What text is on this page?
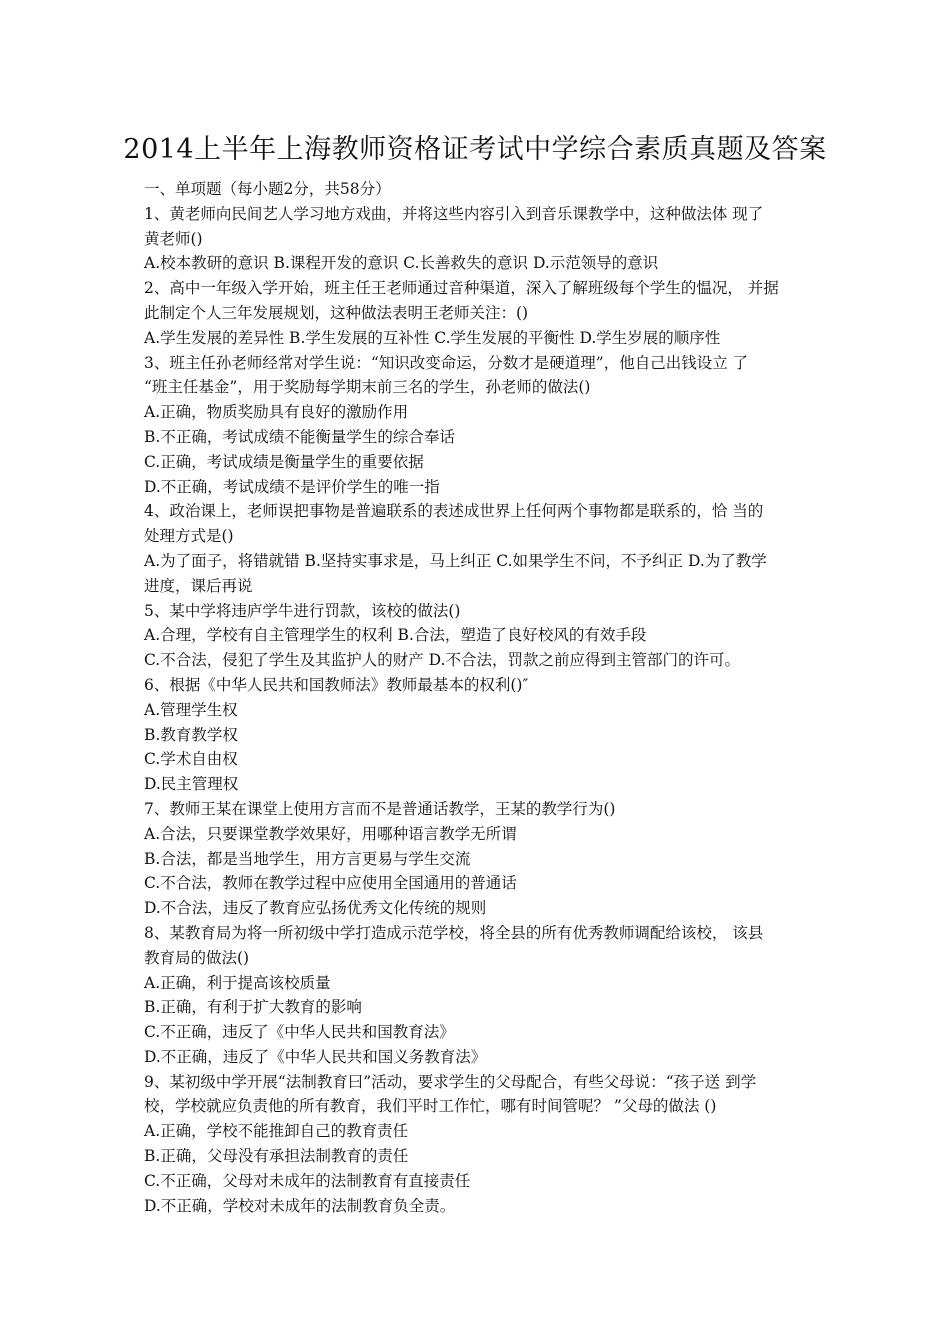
2014上半年上海教师资格证考试中学综合素质真题及答案
一、单项题（每小题2分，共58分）
1、黄老师向民间艺人学习地方戏曲，并将这些内容引入到音乐课教学中，这种做法体 现了
黄老师()
A.校本教研的意识 B.课程开发的意识 C.长善救失的意识 D.示范领导的意识
2、高中一年级入学开始，班主任王老师通过音种渠道，深入了解班级每个学生的愠况， 并据
此制定个人三年发展规划，这种做法表明王老师关注：()
A.学生发展的差异性 B.学生发展的互补性 C.学生发展的平衡性 D.学生岁展的顺序性
3、班主任孙老师经常对学生说：“知识改变命运，分数才是硬道理”，他自己出钱设立 了
“班主任基金”，用于奖励每学期末前三名的学生，孙老师的做法()
A.正确，物质奖励具有良好的激励作用
B.不正确，考试成绩不能衡量学生的综合奉话
C.正确，考试成绩是衡量学生的重要依据
D.不正确，考试成绩不是评价学生的唯一指
4、政治课上，老师误把事物是普遍联系的表述成世界上任何两个事物都是联系的，恰 当的
处理方式是()
A.为了面子，将错就错 B.坚持实事求是，马上纠正 C.如果学生不问，不予纠正 D.为了教学
进度，课后再说
5、某中学将违庐学牛进行罚款，该校的做法()
A.合理，学校有自主管理学生的权利 B.合法，塑造了良好校风的有效手段
C.不合法，侵犯了学生及其监护人的财产 D.不合法，罚款之前应得到主管部门的许可。
6、根据《中华人民共和国教师法》教师最基本的权利()″
A.管理学生权
B.教育教学权
C.学术自由权
D.民主管理权
7、教师王某在课堂上使用方言而不是普通话教学，王某的教学行为()
A.合法，只要课堂教学效果好，用哪种语言教学无所谓
B.合法，都是当地学生，用方言更易与学生交流
C.不合法，教师在教学过程中应使用全国通用的普通话
D.不合法，违反了教育应弘扬优秀文化传统的规则
8、某教育局为将一所初级中学打造成示范学校，将全县的所有优秀教师调配给该校， 该县
教育局的做法()
A.正确，利于提高该校质量
B.正确，有利于扩大教育的影响
C.不正确，违反了《中华人民共和国教育法》
D.不正确，违反了《中华人民共和国义务教育法》
9、某初级中学开展“法制教育曰”活动，要求学生的父母配合，有些父母说：“孩子送 到学
校，学校就应负责他的所有教育，我们平时工作忙，哪有时间管呢？ ”父母的做法 ()
A.正确，学校不能推卸自己的教育责任
B.正确，父母没有承担法制教育的责任
C.不正确，父母对未成年的法制教育有直接责任
D.不正确，学校对未成年的法制教育负全责。
